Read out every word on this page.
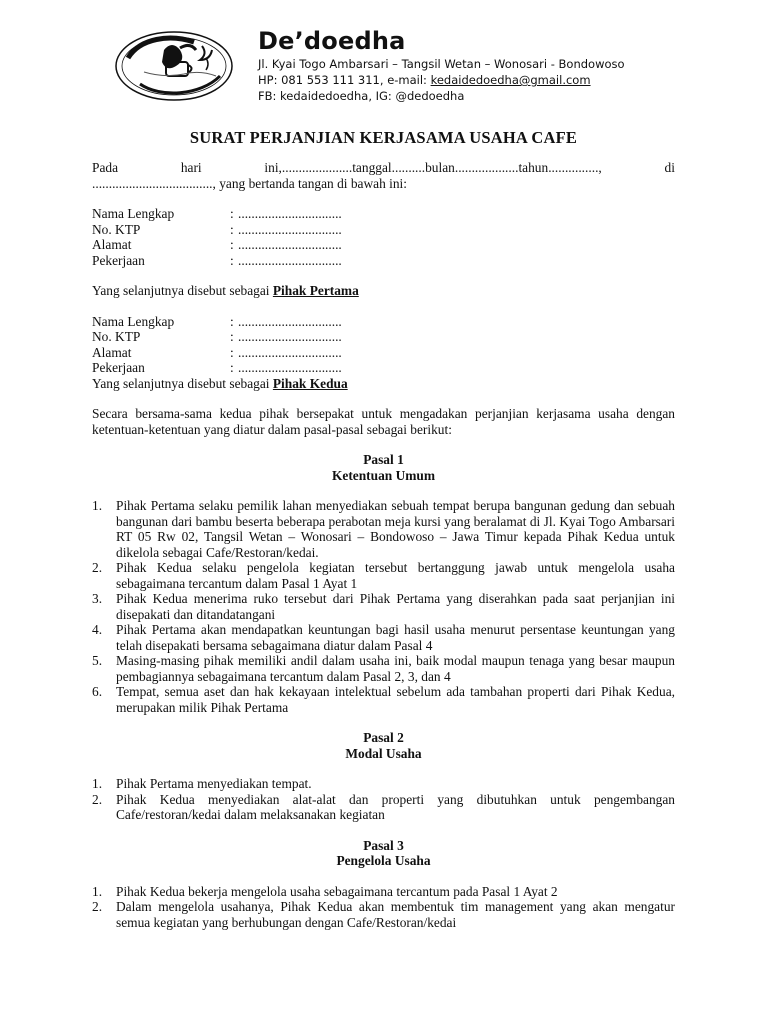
De’doedha
Jl. Kyai Togo Ambarsari – Tangsil Wetan – Wonosari - Bondowoso
HP: 081 553 111 311, e-mail: kedaidedoedha@gmail.com
FB: kedaidedoedha, IG: @dedoedha
SURAT PERJANJIAN KERJASAMA USAHA CAFE
Pada	hari	ini,.....................tanggal..........bulan...................tahun...............,	di
...................................., yang bertanda tangan di bawah ini:
Nama Lengkap	: ...............................
No. KTP	: ...............................
Alamat	: ...............................
Pekerjaan	: ...............................
Yang selanjutnya disebut sebagai Pihak Pertama
Nama Lengkap	: ...............................
No. KTP	: ...............................
Alamat	: ...............................
Pekerjaan	: ...............................
Yang selanjutnya disebut sebagai Pihak Kedua
Secara bersama-sama kedua pihak bersepakat untuk mengadakan perjanjian kerjasama usaha dengan ketentuan-ketentuan yang diatur dalam pasal-pasal sebagai berikut:
Pasal 1
Ketentuan Umum
1.	Pihak Pertama selaku pemilik lahan menyediakan sebuah tempat berupa bangunan gedung dan sebuah bangunan dari bambu beserta beberapa perabotan meja kursi yang beralamat di Jl. Kyai Togo Ambarsari RT 05 Rw 02, Tangsil Wetan – Wonosari – Bondowoso – Jawa Timur kepada Pihak Kedua untuk dikelola sebagai Cafe/Restoran/kedai.
2.	Pihak Kedua selaku pengelola kegiatan tersebut bertanggung jawab untuk mengelola usaha sebagaimana tercantum dalam Pasal 1 Ayat 1
3.	Pihak Kedua menerima ruko tersebut dari Pihak Pertama yang diserahkan pada saat perjanjian ini disepakati dan ditandatangani
4.	Pihak Pertama akan mendapatkan keuntungan bagi hasil usaha menurut persentase keuntungan yang telah disepakati bersama sebagaimana diatur dalam Pasal 4
5.	Masing-masing pihak memiliki andil dalam usaha ini, baik modal maupun tenaga yang besar maupun pembagiannya sebagaimana tercantum dalam Pasal 2, 3, dan 4
6.	Tempat, semua aset dan hak kekayaan intelektual sebelum ada tambahan properti dari Pihak Kedua, merupakan milik Pihak Pertama
Pasal 2
Modal Usaha
1.	Pihak Pertama menyediakan tempat.
2.	Pihak Kedua menyediakan alat-alat dan properti yang dibutuhkan untuk pengembangan Cafe/restoran/kedai dalam melaksanakan kegiatan
Pasal 3
Pengelola Usaha
1.	Pihak Kedua bekerja mengelola usaha sebagaimana tercantum pada Pasal 1 Ayat 2
2.	Dalam mengelola usahanya, Pihak Kedua akan membentuk tim management yang akan mengatur semua kegiatan yang berhubungan dengan Cafe/Restoran/kedai
